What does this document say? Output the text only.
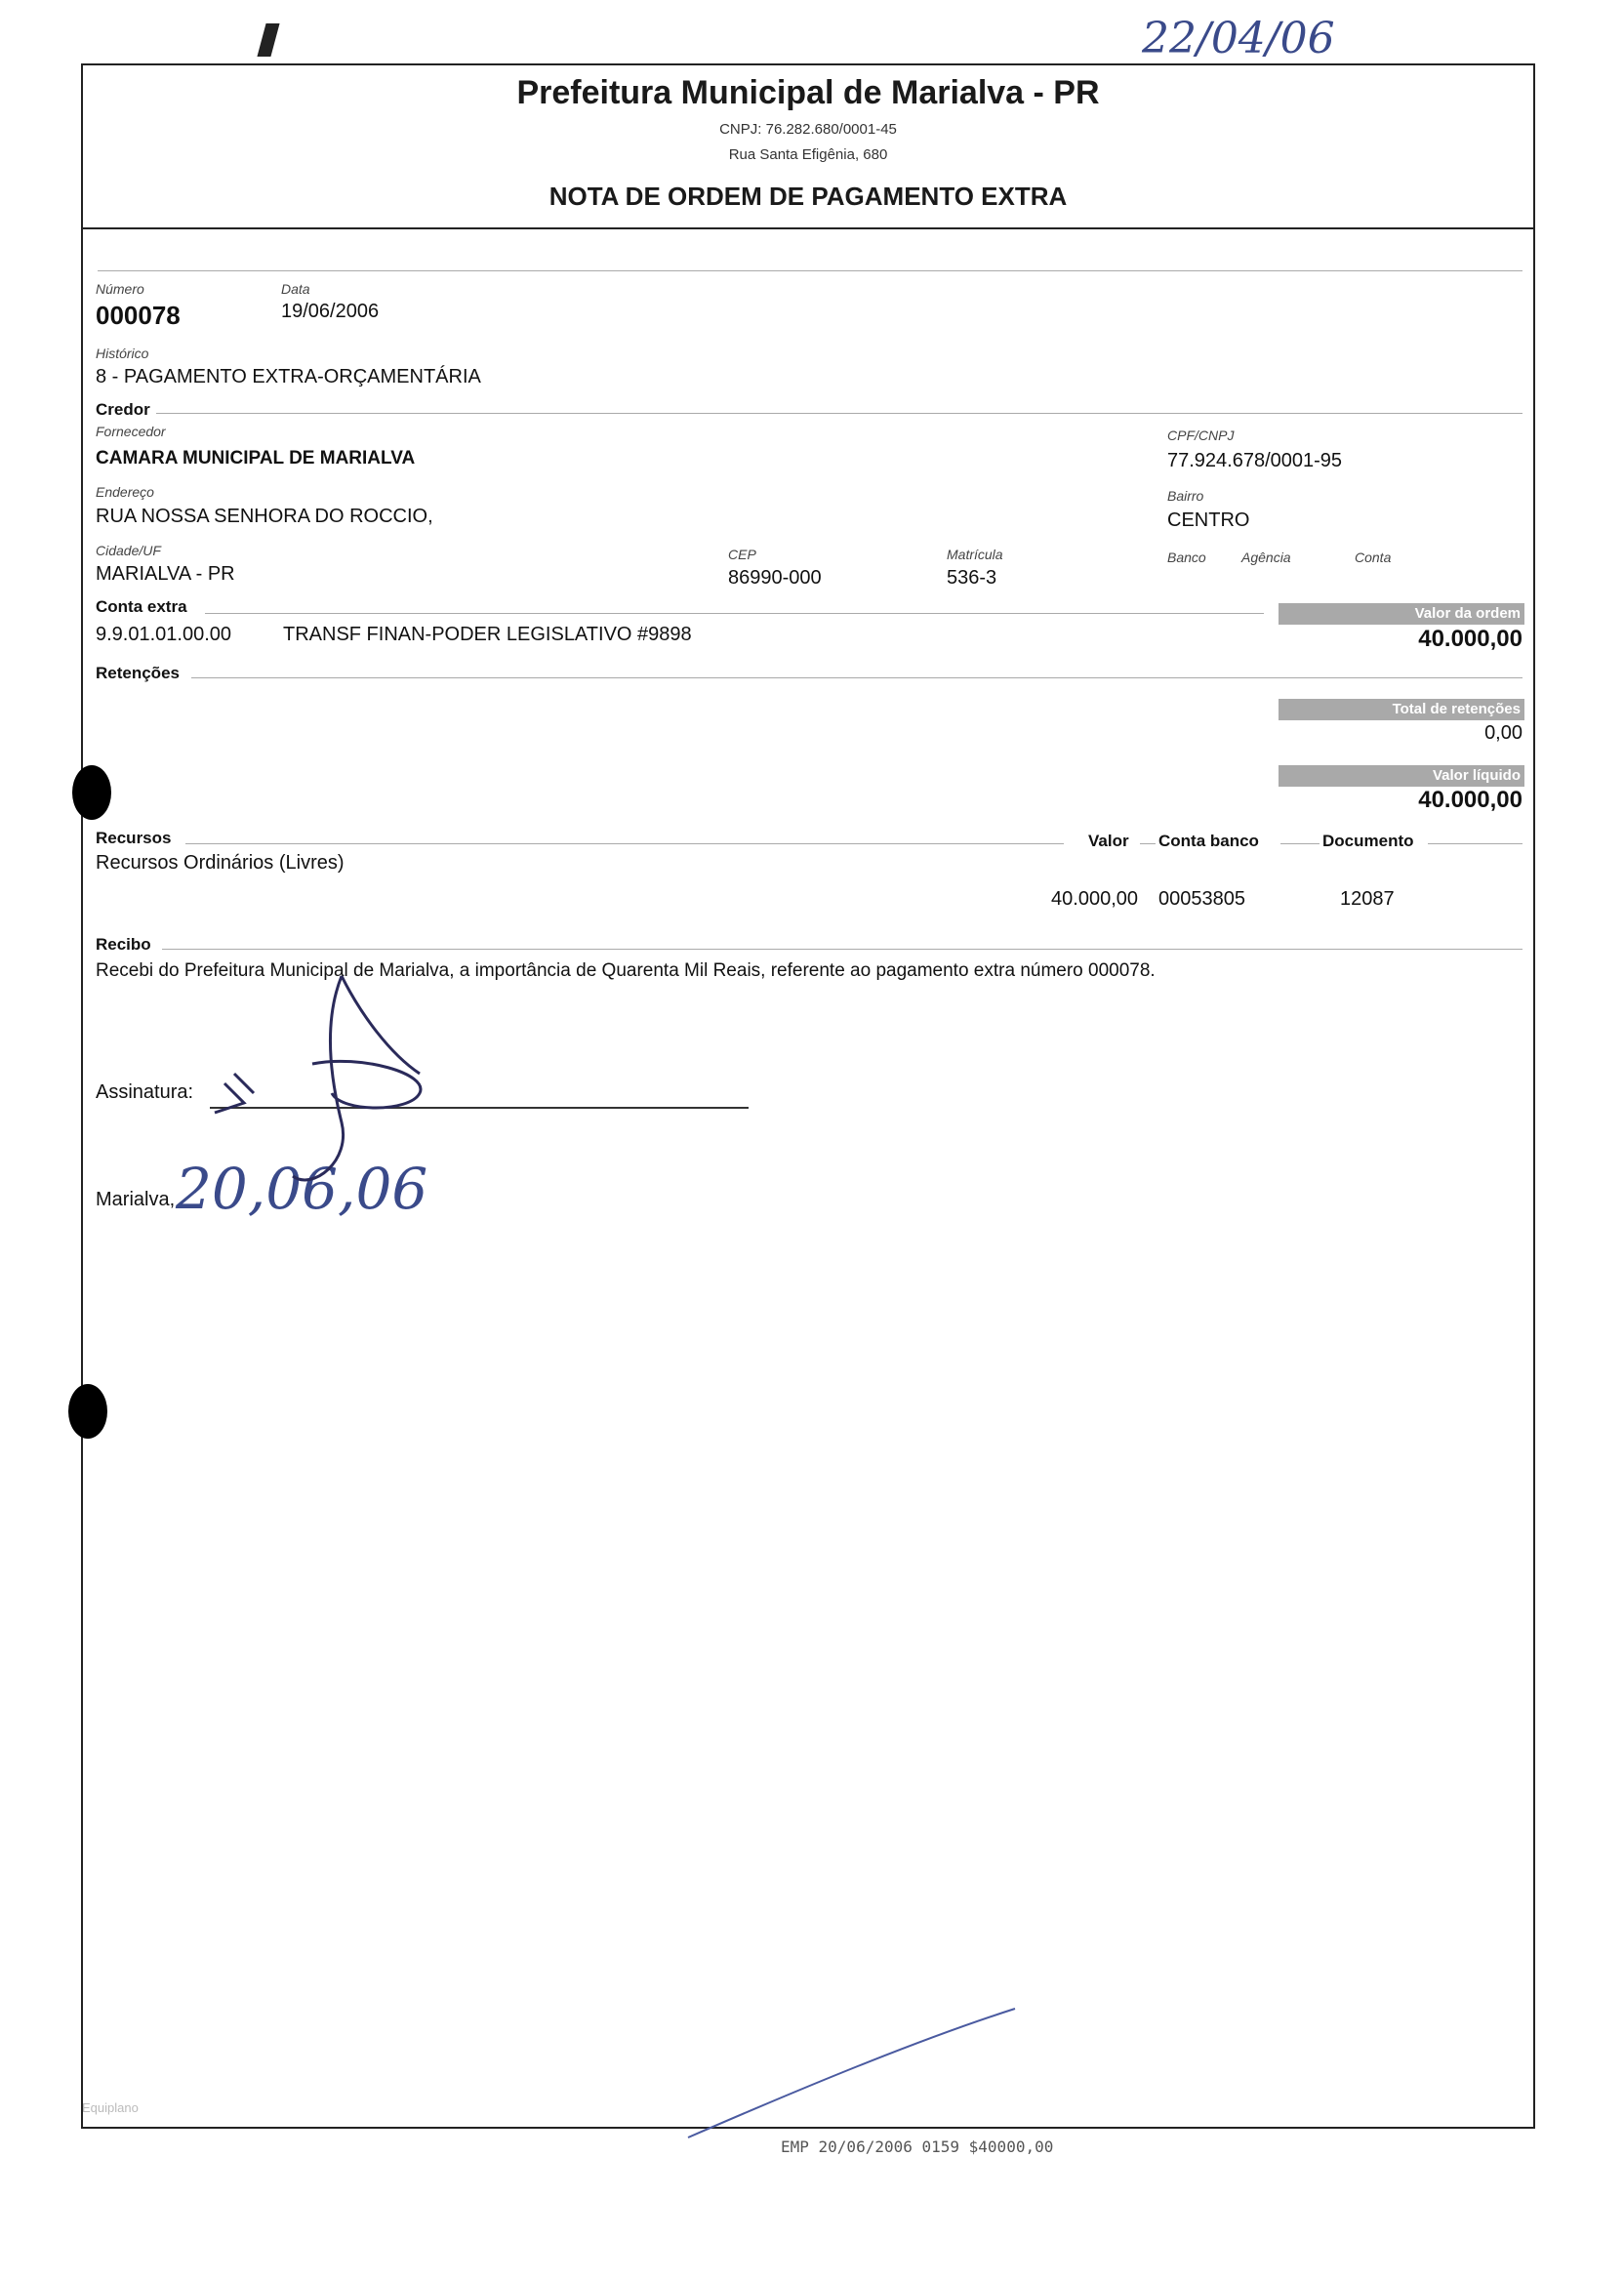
22/04/06
Prefeitura Municipal de Marialva - PR
CNPJ: 76.282.680/0001-45
Rua Santa Efigênia, 680
NOTA DE ORDEM DE PAGAMENTO EXTRA
Número
000078
Data
19/06/2006
Histórico
8 - PAGAMENTO EXTRA-ORÇAMENTÁRIA
Credor
Fornecedor
CAMARA MUNICIPAL DE MARIALVA
CPF/CNPJ
77.924.678/0001-95
Endereço
RUA NOSSA SENHORA DO ROCCIO,
Bairro
CENTRO
Cidade/UF
MARIALVA - PR
CEP
86990-000
Matrícula
536-3
Banco	Agência	Conta
Conta extra	Valor da ordem
9.9.01.01.00.00	TRANSF FINAN-PODER LEGISLATIVO #9898	40.000,00
Retenções
Total de retenções
0,00
Valor líquido
40.000,00
Recursos	Valor Conta banco	Documento
Recursos Ordinários (Livres)
40.000,00 00053805	12087
Recibo
Recebi do Prefeitura Municipal de Marialva, a importância de Quarenta Mil Reais, referente ao pagamento extra número 000078.
Assinatura:
Marialva, 20,06,06
Equiplano
EMP 20/06/2006 0159 $40000,00
